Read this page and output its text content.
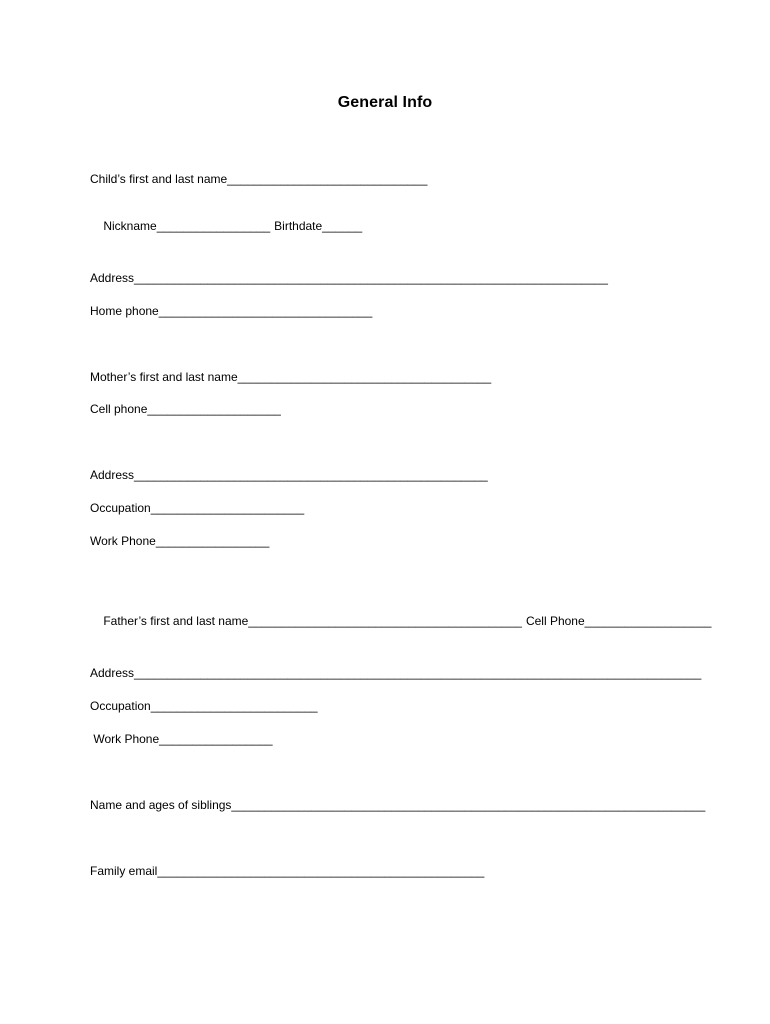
General Info
Child’s first and last name______________________________

Nickname_________________ Birthdate______

Address_______________________________________________________________________
Home phone________________________________
Mother’s first and last name______________________________________
Cell phone____________________
Address_____________________________________________________
Occupation_______________________
Work Phone_________________

Father’s first and last name_________________________________________ Cell Phone___________________

Address_____________________________________________________________________________________
Occupation_________________________
Work Phone_________________
Name and ages of siblings_______________________________________________________________________
Family email_________________________________________________
